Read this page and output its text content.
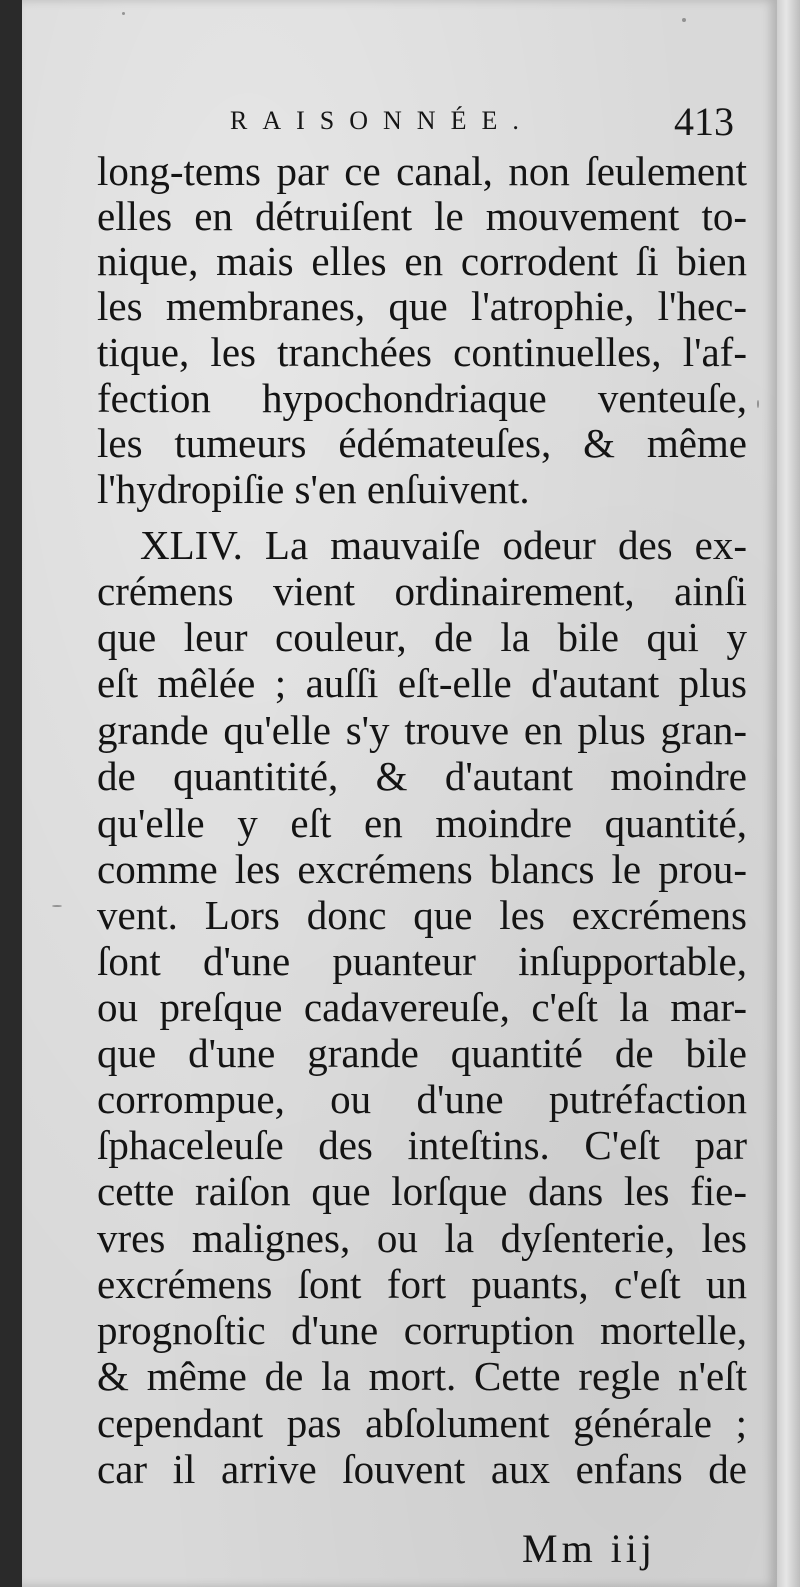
RAISONNÉE.	413
long-tems par ce canal, non ſeulement
elles en détruiſent le mouvement to-
nique, mais elles en corrodent ſi bien
les membranes, que l'atrophie, l'hec-
tique, les tranchées continuelles, l'af-
fection hypochondriaque venteuſe,
les tumeurs édémateuſes, & même
l'hydropiſie s'en enſuivent.
XLIV. La mauvaiſe odeur des ex-
crémens vient ordinairement, ainſi
que leur couleur, de la bile qui y
eſt mêlée ; auſſi eſt-elle d'autant plus
grande qu'elle s'y trouve en plus gran-
de quantitité, & d'autant moindre
qu'elle y eſt en moindre quantité,
comme les excrémens blancs le prou-
vent. Lors donc que les excrémens
ſont d'une puanteur inſupportable,
ou preſque cadavereuſe, c'eſt la mar-
que d'une grande quantité de bile
corrompue, ou d'une putréfaction
ſphaceleuſe des inteſtins. C'eſt par
cette raiſon que lorſque dans les fie-
vres malignes, ou la dyſenterie, les
excrémens ſont fort puants, c'eſt un
prognoſtic d'une corruption mortelle,
& même de la mort. Cette regle n'eſt
cependant pas abſolument générale ;
car il arrive ſouvent aux enfans de
Mm iij
